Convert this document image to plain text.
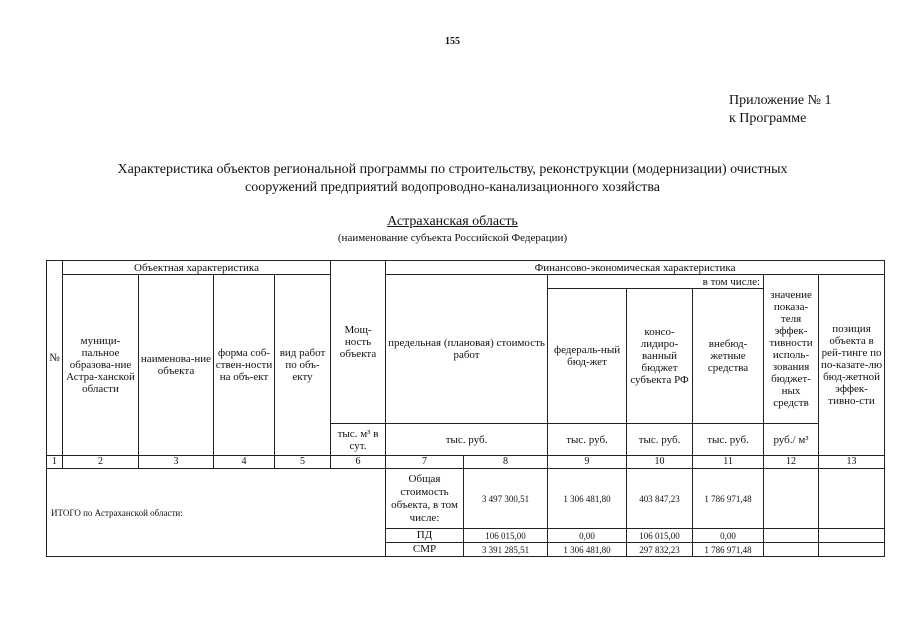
155
Приложение № 1
к Программе
Характеристика объектов региональной программы по строительству, реконструкции (модернизации) очистных
сооружений предприятий водопроводно-канализационного хозяйства
Астраханская область
(наименование субъекта Российской Федерации)
№	Объектная характеристика				Мощ-ность объекта	Финансово-экономическая характеристика						
	муници-пальное образова-ние Астра-ханской области	наименова-ние объекта	форма соб-ствен-ности на объ-ект	вид работ по объ-екту		предельная (плановая) стоимость работ		в том числе:			значение показа-теля эффек-тивности исполь-зования бюджет-ных средств	позиция объекта в рей-тинге по по-казате-лю бюд-жетной эффек-тивно-сти
								федераль-ный бюд-жет	консо-лидиро-ванный бюджет субъекта РФ	внебюд-жетные средства		
					тыс. м³ в сут.	тыс. руб.		тыс. руб.	тыс. руб.	тыс. руб.	руб./ м³	
1	2	3	4	5	6	7	8	9	10	11	12	13
ИТОГО по Астраханской области:						Общая стоимость объекта, в том числе:	3 497 300,51	1 306 481,80	403 847,23	1 786 971,48		
						ПД	106 015,00	0,00	106 015,00	0,00		
						СМР	3 391 285,51	1 306 481,80	297 832,23	1 786 971,48		
